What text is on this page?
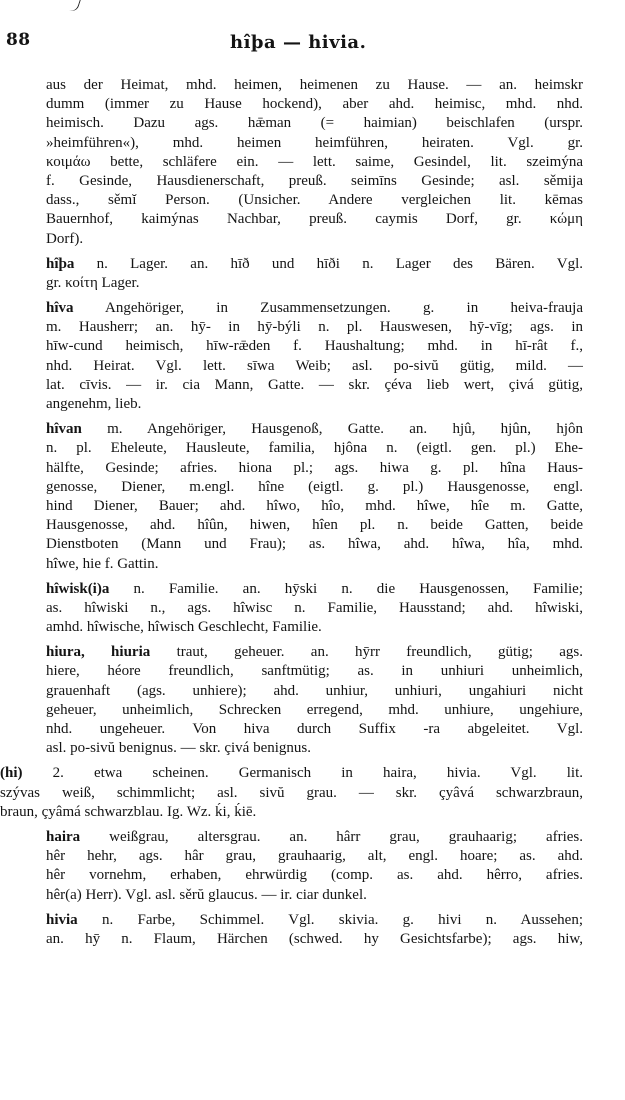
88	hîþa — hivia.
aus der Heimat, mhd. heimen, heimenen zu Hause. — an. heimskr
dumm (immer zu Hause hockend), aber ahd. heimisc, mhd. nhd.
heimisch. Dazu ags. hǣman (= haimian) beischlafen (urspr.
»heimführen«), mhd. heimen heimführen, heiraten. Vgl. gr.
κοιμάω bette, schläfere ein. — lett. saime, Gesindel, lit. szeimýna
f. Gesinde, Hausdienerschaft, preuß. seimīns Gesinde; asl. sěmija
dass., sěmĭ Person. (Unsicher. Andere vergleichen lit. kēmas
Bauernhof, kaimýnas Nachbar, preuß. caymis Dorf, gr. κώμη
Dorf).
hîþa n. Lager. an. hīð und hīði n. Lager des Bären. Vgl.
gr. κοίτη Lager.
hîva Angehöriger, in Zusammensetzungen. g. in heiva-frauja
m. Hausherr; an. hȳ- in hȳ-býli n. pl. Hauswesen, hȳ-vīg; ags. in
hīw-cund heimisch, hīw-rǣden f. Haushaltung; mhd. in hī-rât f.,
nhd. Heirat. Vgl. lett. sīwa Weib; asl. po-sivŭ gütig, mild. —
lat. cīvis. — ir. cia Mann, Gatte. — skr. çéva lieb wert, çivá gütig,
angenehm, lieb.
hîvan m. Angehöriger, Hausgenoß, Gatte. an. hjû, hjûn, hjôn
n. pl. Eheleute, Hausleute, familia, hjôna n. (eigtl. gen. pl.) Ehe-
hälfte, Gesinde; afries. hiona pl.; ags. hiwa g. pl. hîna Haus-
genosse, Diener, m.engl. hîne (eigtl. g. pl.) Hausgenosse, engl.
hind Diener, Bauer; ahd. hîwo, hîo, mhd. hîwe, hîe m. Gatte,
Hausgenosse, ahd. hîûn, hiwen, hîen pl. n. beide Gatten, beide
Dienstboten (Mann und Frau); as. hîwa, ahd. hîwa, hîa, mhd.
hîwe, hie f. Gattin.
hîwisk(i)a n. Familie. an. hȳski n. die Hausgenossen, Familie;
as. hîwiski n., ags. hîwisc n. Familie, Hausstand; ahd. hîwiski,
amhd. hîwische, hîwisch Geschlecht, Familie.
hiura, hiuria traut, geheuer. an. hȳrr freundlich, gütig; ags.
hiere, héore freundlich, sanftmütig; as. in unhiuri unheimlich,
grauenhaft (ags. unhiere); ahd. unhiur, unhiuri, ungahiuri nicht
geheuer, unheimlich, Schrecken erregend, mhd. unhiure, ungehiure,
nhd. ungeheuer. Von hiva durch Suffix -ra abgeleitet. Vgl.
asl. po-sivŭ benignus. — skr. çivá benignus.
(hi) 2. etwa scheinen. Germanisch in haira, hivia. Vgl. lit.
szývas weiß, schimmlicht; asl. sivŭ grau. — skr. çyâvá schwarzbraun,
braun, çyâmá schwarzblau. Ig. Wz. ḱi, ḱiē.
haira weißgrau, altersgrau. an. hârr grau, grauhaarig; afries.
hêr hehr, ags. hâr grau, grauhaarig, alt, engl. hoare; as. ahd.
hêr vornehm, erhaben, ehrwürdig (comp. as. ahd. hêrro, afries.
hêr(a) Herr). Vgl. asl. sěrŭ glaucus. — ir. ciar dunkel.
hivia n. Farbe, Schimmel. Vgl. skivia. g. hivi n. Aussehen;
an. hȳ n. Flaum, Härchen (schwed. hy Gesichtsfarbe); ags. hiw,
